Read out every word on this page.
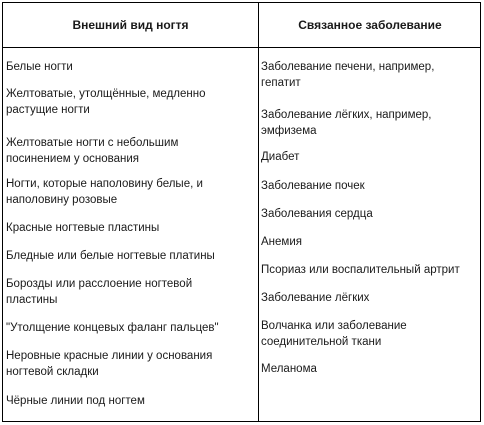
Внешний вид ногтя	Связанное заболевание
Белые ногти
Желтоватые, утолщённые, медленно
растущие ногти
Желтоватые ногти с небольшим
посинением у основания
Ногти, которые наполовину белые, и
наполовину розовые
Красные ногтевые пластины
Бледные или белые ногтевые платины
Борозды или расслоение ногтевой
пластины
"Утолщение концевых фаланг пальцев"
Неровные красные линии у основания
ногтевой складки
Чёрные линии под ногтем
Заболевание печени, например,
гепатит
Заболевание лёгких, например,
эмфизема
Диабет
Заболевание почек
Заболевания сердца
Анемия
Псориаз или воспалительный артрит
Заболевание лёгких
Волчанка или заболевание
соединительной ткани
Меланома
